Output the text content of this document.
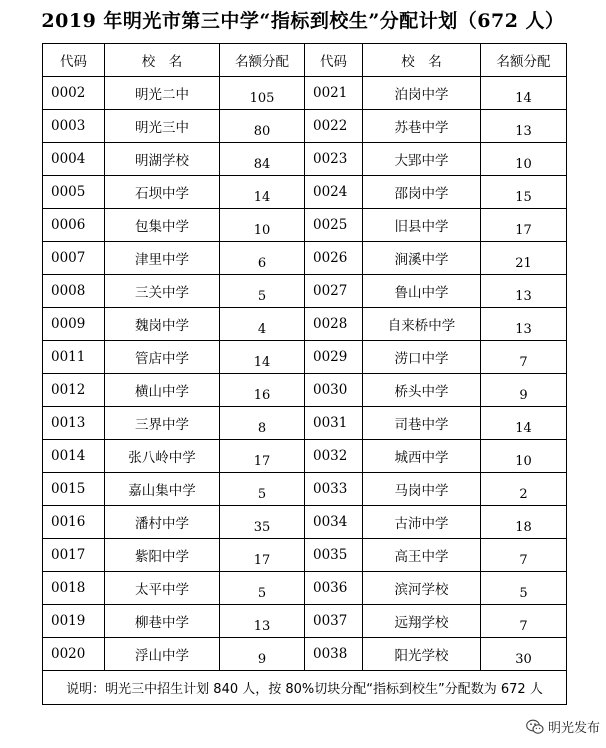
2019 年明光市第三中学“指标到校生”分配计划（672 人）
代码	校　名	名额分配	代码	校　名	名额分配
0002	明光二中	105	0021	泊岗中学	14
0003	明光三中	80	0022	苏巷中学	13
0004	明湖学校	84	0023	大郢中学	10
0005	石坝中学	14	0024	邵岗中学	15
0006	包集中学	10	0025	旧县中学	17
0007	津里中学	6	0026	涧溪中学	21
0008	三关中学	5	0027	鲁山中学	13
0009	魏岗中学	4	0028	自来桥中学	13
0011	管店中学	14	0029	涝口中学	7
0012	横山中学	16	0030	桥头中学	9
0013	三界中学	8	0031	司巷中学	14
0014	张八岭中学	17	0032	城西中学	10
0015	嘉山集中学	5	0033	马岗中学	2
0016	潘村中学	35	0034	古沛中学	18
0017	紫阳中学	17	0035	高王中学	7
0018	太平中学	5	0036	滨河学校	5
0019	柳巷中学	13	0037	远翔学校	7
0020	浮山中学	9	0038	阳光学校	30
说明：明光三中招生计划 840 人，按 80%切块分配“指标到校生”分配数为 672 人					
明光发布
